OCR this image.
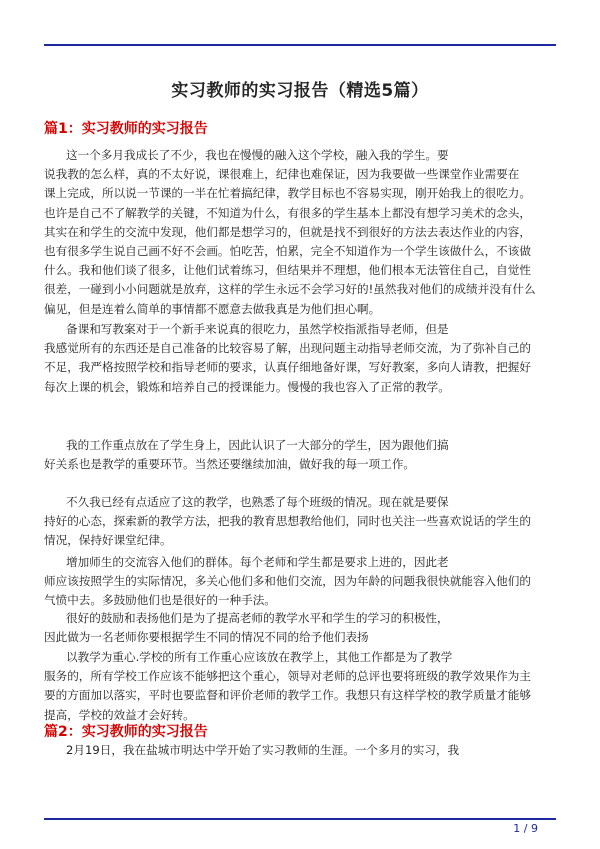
实习教师的实习报告（精选5篇）
篇1：实习教师的实习报告
这一个多月我成长了不少，我也在慢慢的融入这个学校，融入我的学生。要
说我教的怎么样，真的不太好说，课很难上，纪律也难保证，因为我要做一些课堂作业需要在
课上完成，所以说一节课的一半在忙着搞纪律，教学目标也不容易实现，刚开始我上的很吃力。
也许是自己不了解教学的关键，不知道为什么，有很多的学生基本上都没有想学习美术的念头，
其实在和学生的交流中发现，他们都是想学习的，但就是找不到很好的方法去表达作业的内容，
也有很多学生说自己画不好不会画。怕吃苦，怕累，完全不知道作为一个学生该做什么，不该做
什么。我和他们谈了很多，让他们试着练习，但结果并不理想，他们根本无法管住自己，自觉性
很差，一碰到小小问题就是放弃，这样的学生永远不会学习好的!虽然我对他们的成绩并没有什么
偏见，但是连着么简单的事情都不愿意去做我真是为他们担心啊。
备课和写教案对于一个新手来说真的很吃力，虽然学校指派指导老师，但是
我感觉所有的东西还是自己准备的比较容易了解，出现问题主动指导老师交流，为了弥补自己的
不足，我严格按照学校和指导老师的要求，认真仔细地备好课，写好教案，多向人请教，把握好
每次上课的机会，锻炼和培养自己的授课能力。慢慢的我也容入了正常的教学。
我的工作重点放在了学生身上，因此认识了一大部分的学生，因为跟他们搞
好关系也是教学的重要环节。当然还要继续加油，做好我的每一项工作。
不久我已经有点适应了这的教学，也熟悉了每个班级的情况。现在就是要保
持好的心态，探索新的教学方法，把我的教育思想教给他们，同时也关注一些喜欢说话的学生的
情况，保持好课堂纪律。
增加师生的交流容入他们的群体。每个老师和学生都是要求上进的，因此老
师应该按照学生的实际情况，多关心他们多和他们交流，因为年龄的问题我很快就能容入他们的
气愤中去。多鼓励他们也是很好的一种手法。
很好的鼓励和表扬他们是为了提高老师的教学水平和学生的学习的积极性，
因此做为一名老师你要根据学生不同的情况不同的给予他们表扬
以教学为重心.学校的所有工作重心应该放在教学上，其他工作都是为了教学
服务的，所有学校工作应该不能够把这个重心，领导对老师的总评也要将班级的教学效果作为主
要的方面加以落实，平时也要监督和评价老师的教学工作。我想只有这样学校的教学质量才能够
提高，学校的效益才会好转。
篇2：实习教师的实习报告
2月19日，我在盐城市明达中学开始了实习教师的生涯。一个多月的实习，我
1 / 9
